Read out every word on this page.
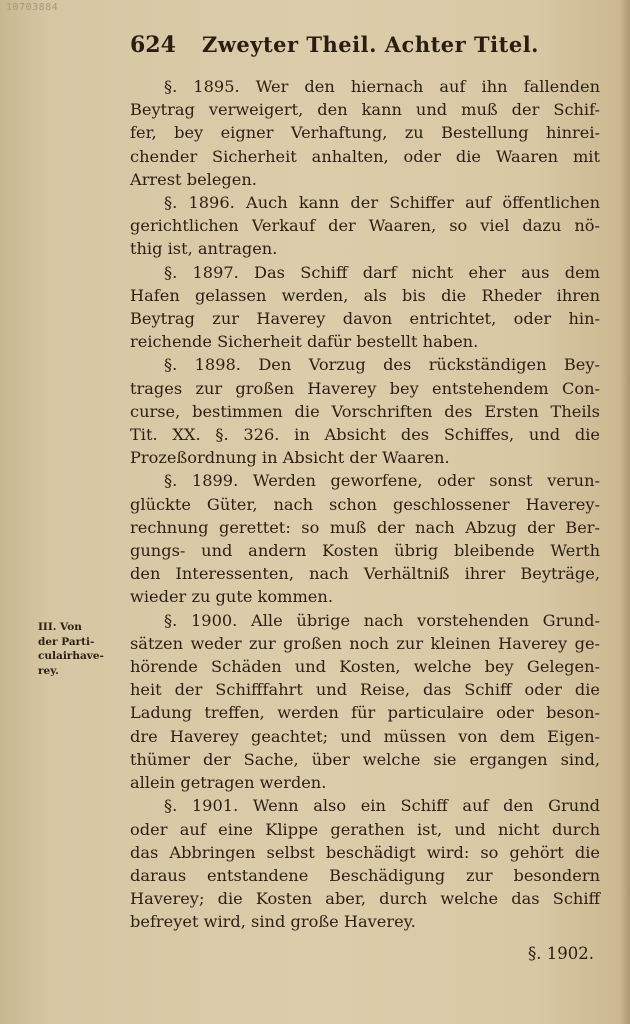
10703884
624 Zweyter Theil. Achter Titel.
III. Von
der Parti-
culairhave-
rey.

§. 1895. Wer den hiernach auf ihn fallenden
Beytrag verweigert, den kann und muß der Schif-
fer, bey eigner Verhaftung, zu Bestellung hinrei-
chender Sicherheit anhalten, oder die Waaren mit
Arrest belegen.

§. 1896. Auch kann der Schiffer auf öffentlichen
gerichtlichen Verkauf der Waaren, so viel dazu nö-
thig ist, antragen.

§. 1897. Das Schiff darf nicht eher aus dem
Hafen gelassen werden, als bis die Rheder ihren
Beytrag zur Haverey davon entrichtet, oder hin-
reichende Sicherheit dafür bestellt haben.

§. 1898. Den Vorzug des rückständigen Bey-
trages zur großen Haverey bey entstehendem Con-
curse, bestimmen die Vorschriften des Ersten Theils
Tit. XX. §. 326. in Absicht des Schiffes, und die
Prozeßordnung in Absicht der Waaren.

§. 1899. Werden geworfene, oder sonst verun-
glückte Güter, nach schon geschlossener Haverey-
rechnung gerettet: so muß der nach Abzug der Ber-
gungs- und andern Kosten übrig bleibende Werth
den Interessenten, nach Verhältniß ihrer Beyträge,
wieder zu gute kommen.

§. 1900. Alle übrige nach vorstehenden Grund-
sätzen weder zur großen noch zur kleinen Haverey ge-
hörende Schäden und Kosten, welche bey Gelegen-
heit der Schifffahrt und Reise, das Schiff oder die
Ladung treffen, werden für particulaire oder beson-
dre Haverey geachtet; und müssen von dem Eigen-
thümer der Sache, über welche sie ergangen sind,
allein getragen werden.

§. 1901. Wenn also ein Schiff auf den Grund
oder auf eine Klippe gerathen ist, und nicht durch
das Abbringen selbst beschädigt wird: so gehört die
daraus entstandene Beschädigung zur besondern
Haverey; die Kosten aber, durch welche das Schiff
befreyet wird, sind große Haverey.

§. 1902.
